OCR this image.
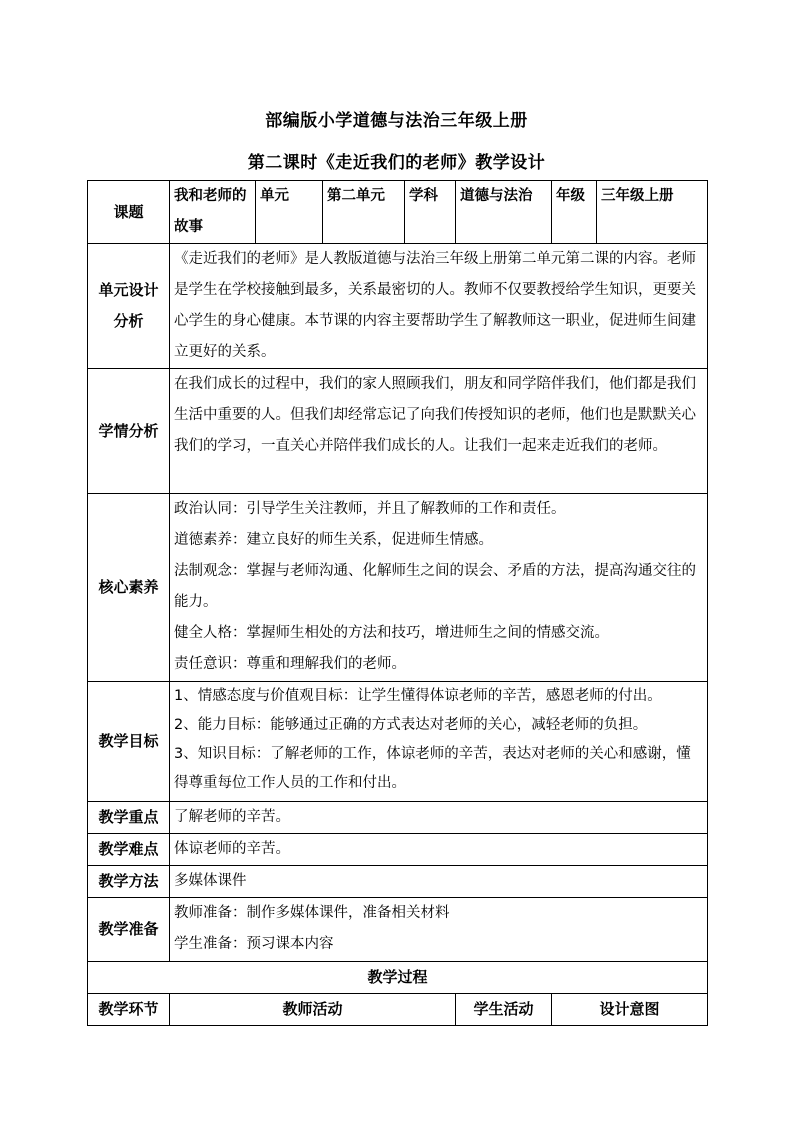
部编版小学道德与法治三年级上册
第二课时《走近我们的老师》教学设计
课题	我和老师的故事	单元	第二单元	学科	道德与法治	年级	三年级上册
单元设计分析	《走近我们的老师》是人教版道德与法治三年级上册第二单元第二课的内容。老师是学生在学校接触到最多，关系最密切的人。教师不仅要教授给学生知识，更要关心学生的身心健康。本节课的内容主要帮助学生了解教师这一职业，促进师生间建立更好的关系。						
学情分析	在我们成长的过程中，我们的家人照顾我们，朋友和同学陪伴我们，他们都是我们生活中重要的人。但我们却经常忘记了向我们传授知识的老师，他们也是默默关心我们的学习，一直关心并陪伴我们成长的人。让我们一起来走近我们的老师。						
核心素养	政治认同：引导学生关注教师，并且了解教师的工作和责任。

道德素养：建立良好的师生关系，促进师生情感。

法制观念：掌握与老师沟通、化解师生之间的误会、矛盾的方法，提高沟通交往的能力。

健全人格：掌握师生相处的方法和技巧，增进师生之间的情感交流。

责任意识：尊重和理解我们的老师。						

教学目标	1、情感态度与价值观目标：让学生懂得体谅老师的辛苦，感恩老师的付出。

2、能力目标：能够通过正确的方式表达对老师的关心，减轻老师的负担。

3、知识目标：了解老师的工作，体谅老师的辛苦，表达对老师的关心和感谢，懂得尊重每位工作人员的工作和付出。						

教学重点	了解老师的辛苦。						
教学难点	体谅老师的辛苦。						
教学方法	多媒体课件						
教学准备	教师准备：制作多媒体课件，准备相关材料

学生准备：预习课本内容						

教学过程							
教学环节	教师活动				学生活动	设计意图	
